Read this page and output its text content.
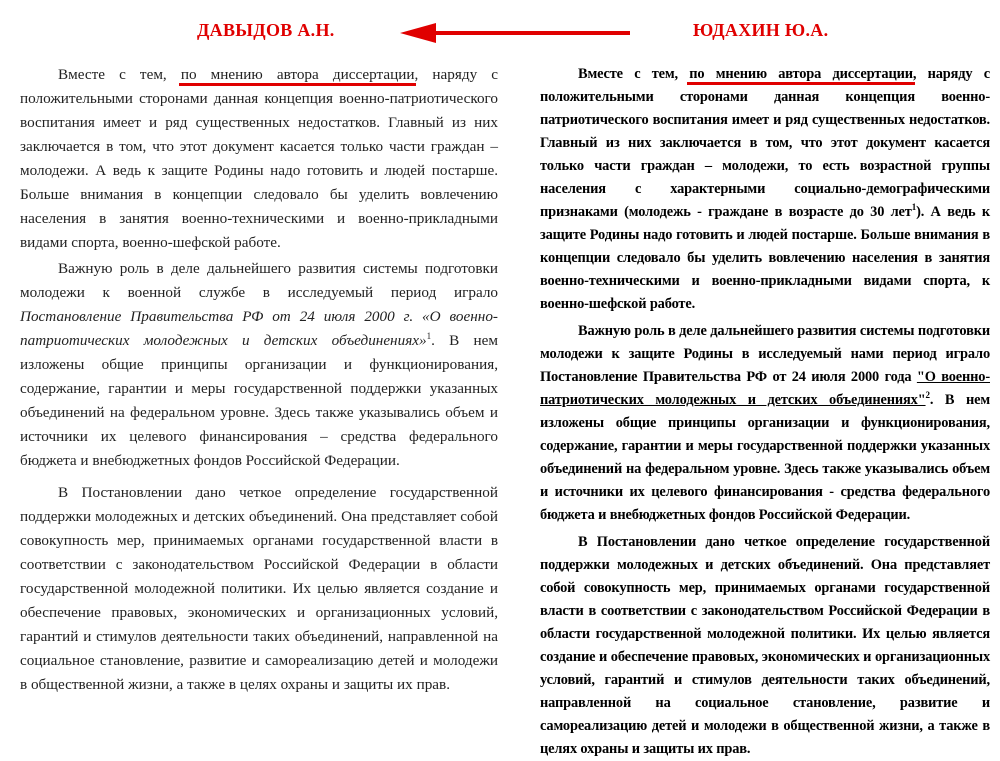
ДАВЫДОВ А.Н.	ЮДАХИН Ю.А.

Вместе с тем, по мнению автора диссертации, наряду с положительными сторонами данная концепция военно-патриотического воспитания имеет и ряд существенных недостатков. Главный из них заключается в том, что этот документ касается только части граждан – молодежи. А ведь к защите Родины надо готовить и людей постарше. Больше внимания в концепции следовало бы уделить вовлечению населения в занятия военно-техническими и военно-прикладными видами спорта, военно-шефской работе.

Важную роль в деле дальнейшего развития системы подготовки молодежи к военной службе в исследуемый период играло Постановление Правительства РФ от 24 июля 2000 г. «О военно-патриотических молодежных и детских объединениях»$^1$. В нем изложены общие принципы организации и функционирования, содержание, гарантии и меры государственной поддержки указанных объединений на федеральном уровне. Здесь также указывались объем и источники их целевого финансирования – средства федерального бюджета и внебюджетных фондов Российской Федерации.

В Постановлении дано четкое определение государственной поддержки молодежных и детских объединений. Она представляет собой совокупность мер, принимаемых органами государственной власти в соответствии с законодательством Российской Федерации в области государственной молодежной политики. Их целью является создание и обеспечение правовых, экономических и организационных условий, гарантий и стимулов деятельности таких объединений, направленной на социальное становление, развитие и самореализацию детей и молодежи в общественной жизни, а также в целях охраны и защиты их прав.

Вместе с тем, по мнению автора диссертации, наряду с положительными сторонами данная концепция военно-патриотического воспитания имеет и ряд существенных недостатков. Главный из них заключается в том, что этот документ касается только части граждан – молодежи, то есть возрастной группы населения с характерными социально-демографическими признаками (молодежь - граждане в возрасте до 30 лет$^1$). А ведь к защите Родины надо готовить и людей постарше. Больше внимания в концепции следовало бы уделить вовлечению населения в занятия военно-техническими и военно-прикладными видами спорта, к военно-шефской работе.

Важную роль в деле дальнейшего развития системы подготовки молодежи к защите Родины в исследуемый нами период играло Постановление Правительства РФ от 24 июля 2000 года "О военно-патриотических молодежных и детских объединениях"$^2$. В нем изложены общие принципы организации и функционирования, содержание, гарантии и меры государственной поддержки указанных объединений на федеральном уровне. Здесь также указывались объем и источники их целевого финансирования - средства федерального бюджета и внебюджетных фондов Российской Федерации.

В Постановлении дано четкое определение государственной поддержки молодежных и детских объединений. Она представляет собой совокупность мер, принимаемых органами государственной власти в соответствии с законодательством Российской Федерации в области государственной молодежной политики. Их целью является создание и обеспечение правовых, экономических и организационных условий, гарантий и стимулов деятельности таких объединений, направленной на социальное становление, развитие и самореализацию детей и молодежи в общественной жизни, а также в целях охраны и защиты их прав.
